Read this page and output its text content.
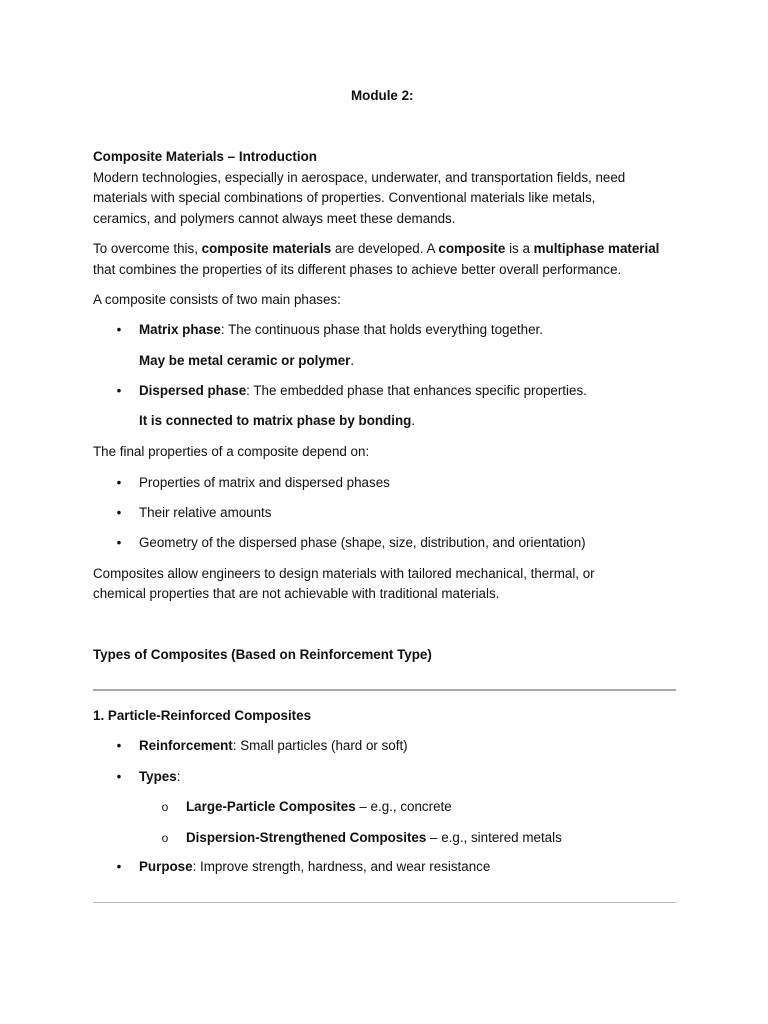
Module 2:
Composite Materials – Introduction
Modern technologies, especially in aerospace, underwater, and transportation fields, need
materials with special combinations of properties. Conventional materials like metals,
ceramics, and polymers cannot always meet these demands.
To overcome this, composite materials are developed. A composite is a multiphase material
that combines the properties of its different phases to achieve better overall performance.
A composite consists of two main phases:
• Matrix phase: The continuous phase that holds everything together.
May be metal ceramic or polymer.
• Dispersed phase: The embedded phase that enhances specific properties.
It is connected to matrix phase by bonding.
The final properties of a composite depend on:
• Properties of matrix and dispersed phases
• Their relative amounts
• Geometry of the dispersed phase (shape, size, distribution, and orientation)
Composites allow engineers to design materials with tailored mechanical, thermal, or
chemical properties that are not achievable with traditional materials.
Types of Composites (Based on Reinforcement Type)
1. Particle-Reinforced Composites
• Reinforcement: Small particles (hard or soft)
• Types:
o Large-Particle Composites – e.g., concrete
o Dispersion-Strengthened Composites – e.g., sintered metals
• Purpose: Improve strength, hardness, and wear resistance
